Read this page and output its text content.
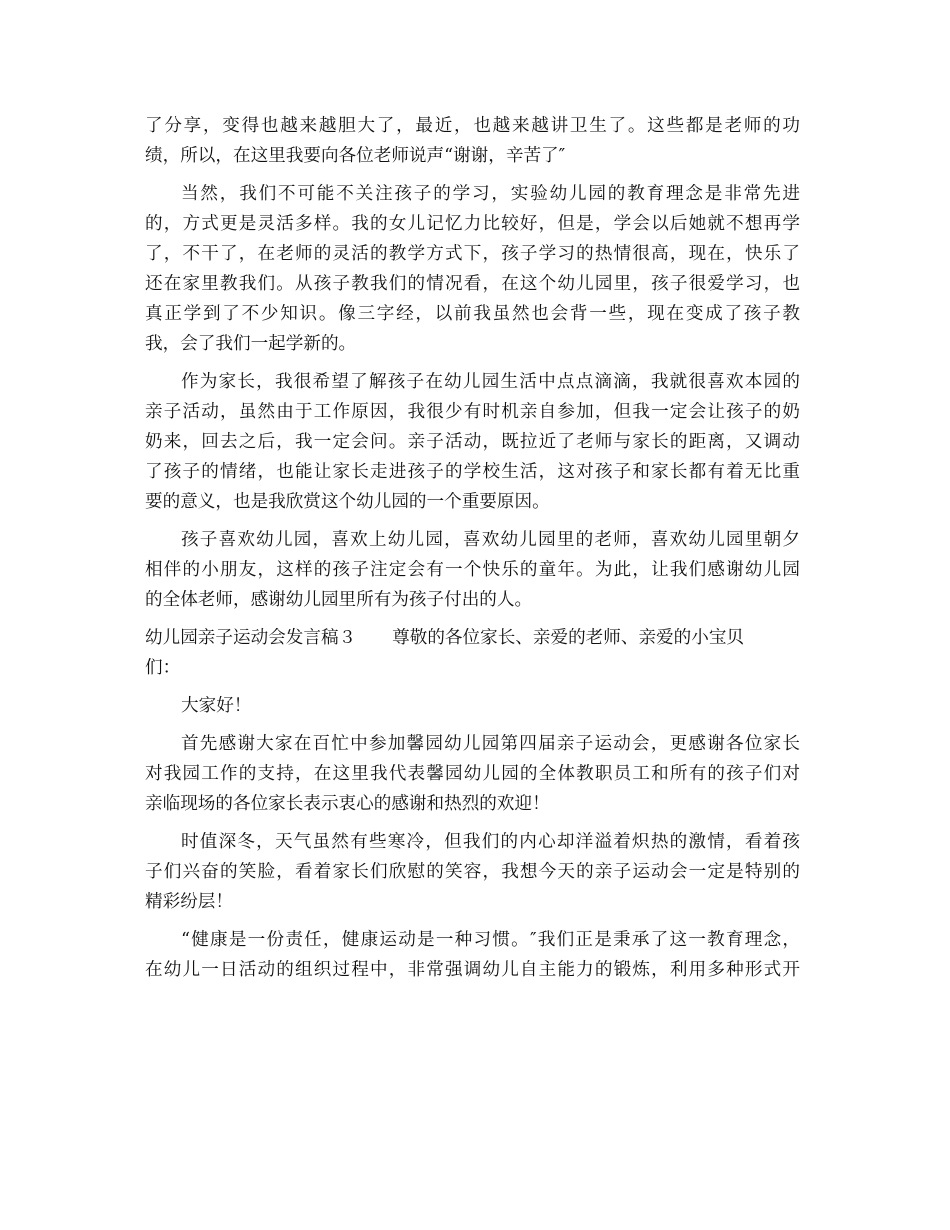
了分享，变得也越来越胆大了，最近，也越来越讲卫生了。这些都是老师的功
绩，所以，在这里我要向各位老师说声“谢谢，辛苦了″
当然，我们不可能不关注孩子的学习，实验幼儿园的教育理念是非常先进
的，方式更是灵活多样。我的女儿记忆力比较好，但是，学会以后她就不想再学
了，不干了，在老师的灵活的教学方式下，孩子学习的热情很高，现在，快乐了
还在家里教我们。从孩子教我们的情况看，在这个幼儿园里，孩子很爱学习，也
真正学到了不少知识。像三字经，以前我虽然也会背一些，现在变成了孩子教
我，会了我们一起学新的。
作为家长，我很希望了解孩子在幼儿园生活中点点滴滴，我就很喜欢本园的
亲子活动，虽然由于工作原因，我很少有时机亲自参加，但我一定会让孩子的奶
奶来，回去之后，我一定会问。亲子活动，既拉近了老师与家长的距离，又调动
了孩子的情绪，也能让家长走进孩子的学校生活，这对孩子和家长都有着无比重
要的意义，也是我欣赏这个幼儿园的一个重要原因。
孩子喜欢幼儿园，喜欢上幼儿园，喜欢幼儿园里的老师，喜欢幼儿园里朝夕
相伴的小朋友，这样的孩子注定会有一个快乐的童年。为此，让我们感谢幼儿园
的全体老师，感谢幼儿园里所有为孩子付出的人。
幼儿园亲子运动会发言稿３ 尊敬的各位家长、亲爱的老师、亲爱的小宝贝
们：
大家好！
首先感谢大家在百忙中参加馨园幼儿园第四届亲子运动会，更感谢各位家长
对我园工作的支持，在这里我代表馨园幼儿园的全体教职员工和所有的孩子们对
亲临现场的各位家长表示衷心的感谢和热烈的欢迎！
时值深冬，天气虽然有些寒冷，但我们的内心却洋溢着炽热的激情，看着孩
子们兴奋的笑脸，看着家长们欣慰的笑容，我想今天的亲子运动会一定是特别的
精彩纷层！
“健康是一份责任，健康运动是一种习惯。″我们正是秉承了这一教育理念，
在幼儿一日活动的组织过程中，非常强调幼儿自主能力的锻炼，利用多种形式开
